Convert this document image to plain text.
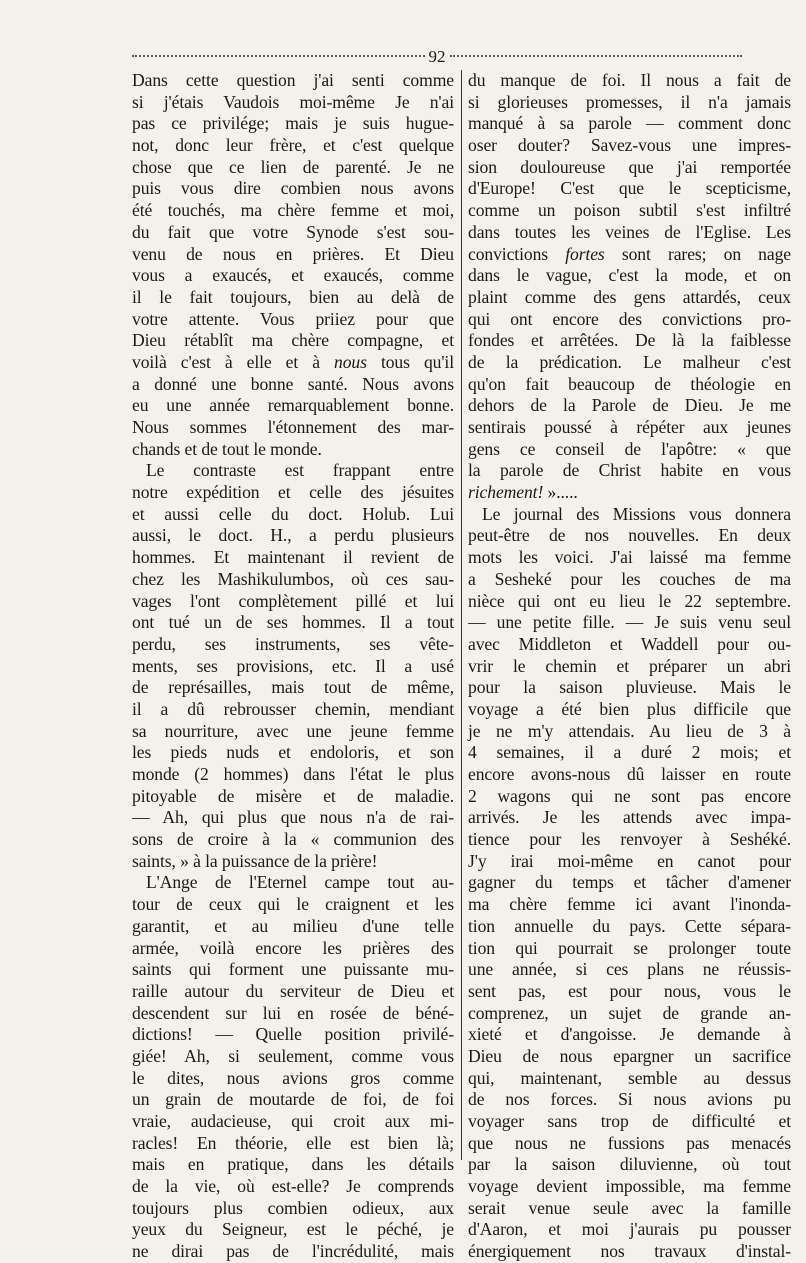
92
Dans cette question j'ai senti comme
si j'étais Vaudois moi-même Je n'ai
pas ce privilége; mais je suis hugue-
not, donc leur frère, et c'est quelque
chose que ce lien de parenté. Je ne
puis vous dire combien nous avons
été touchés, ma chère femme et moi,
du fait que votre Synode s'est sou-
venu de nous en prières. Et Dieu
vous a exaucés, et exaucés, comme
il le fait toujours, bien au delà de
votre attente. Vous priiez pour que
Dieu rétablît ma chère compagne, et
voilà c'est à elle et à nous tous qu'il
a donné une bonne santé. Nous avons
eu une année remarquablement bonne.
Nous sommes l'étonnement des mar-
chands et de tout le monde.
Le contraste est frappant entre
notre expédition et celle des jésuites
et aussi celle du doct. Holub. Lui
aussi, le doct. H., a perdu plusieurs
hommes. Et maintenant il revient de
chez les Mashikulumbos, où ces sau-
vages l'ont complètement pillé et lui
ont tué un de ses hommes. Il a tout
perdu, ses instruments, ses vête-
ments, ses provisions, etc. Il a usé
de représailles, mais tout de même,
il a dû rebrousser chemin, mendiant
sa nourriture, avec une jeune femme
les pieds nuds et endoloris, et son
monde (2 hommes) dans l'état le plus
pitoyable de misère et de maladie.
— Ah, qui plus que nous n'a de rai-
sons de croire à la « communion des
saints, » à la puissance de la prière!
L'Ange de l'Eternel campe tout au-
tour de ceux qui le craignent et les
garantit, et au milieu d'une telle
armée, voilà encore les prières des
saints qui forment une puissante mu-
raille autour du serviteur de Dieu et
descendent sur lui en rosée de béné-
dictions! — Quelle position privilé-
giée! Ah, si seulement, comme vous
le dites, nous avions gros comme
un grain de moutarde de foi, de foi
vraie, audacieuse, qui croit aux mi-
racles! En théorie, elle est bien là;
mais en pratique, dans les détails
de la vie, où est-elle? Je comprends
toujours plus combien odieux, aux
yeux du Seigneur, est le péché, je
ne dirai pas de l'incrédulité, mais
du manque de foi. Il nous a fait de
si glorieuses promesses, il n'a jamais
manqué à sa parole — comment donc
oser douter? Savez-vous une impres-
sion douloureuse que j'ai remportée
d'Europe! C'est que le scepticisme,
comme un poison subtil s'est infiltré
dans toutes les veines de l'Eglise. Les
convictions fortes sont rares; on nage
dans le vague, c'est la mode, et on
plaint comme des gens attardés, ceux
qui ont encore des convictions pro-
fondes et arrêtées. De là la faiblesse
de la prédication. Le malheur c'est
qu'on fait beaucoup de théologie en
dehors de la Parole de Dieu. Je me
sentirais poussé à répéter aux jeunes
gens ce conseil de l'apôtre: « que
la parole de Christ habite en vous
richement! ».....
Le journal des Missions vous donnera
peut-être de nos nouvelles. En deux
mots les voici. J'ai laissé ma femme
a Sesheké pour les couches de ma
nièce qui ont eu lieu le 22 septembre.
— une petite fille. — Je suis venu seul
avec Middleton et Waddell pour ou-
vrir le chemin et préparer un abri
pour la saison pluvieuse. Mais le
voyage a été bien plus difficile que
je ne m'y attendais. Au lieu de 3 à
4 semaines, il a duré 2 mois; et
encore avons-nous dû laisser en route
2 wagons qui ne sont pas encore
arrivés. Je les attends avec impa-
tience pour les renvoyer à Seshéké.
J'y irai moi-même en canot pour
gagner du temps et tâcher d'amener
ma chère femme ici avant l'inonda-
tion annuelle du pays. Cette sépara-
tion qui pourrait se prolonger toute
une année, si ces plans ne réussis-
sent pas, est pour nous, vous le
comprenez, un sujet de grande an-
xieté et d'angoisse. Je demande à
Dieu de nous epargner un sacrifice
qui, maintenant, semble au dessus
de nos forces. Si nous avions pu
voyager sans trop de difficulté et
que nous ne fussions pas menacés
par la saison diluvienne, où tout
voyage devient impossible, ma femme
serait venue seule avec la famille
d'Aaron, et moi j'aurais pu pousser
énergiquement nos travaux d'instal-
